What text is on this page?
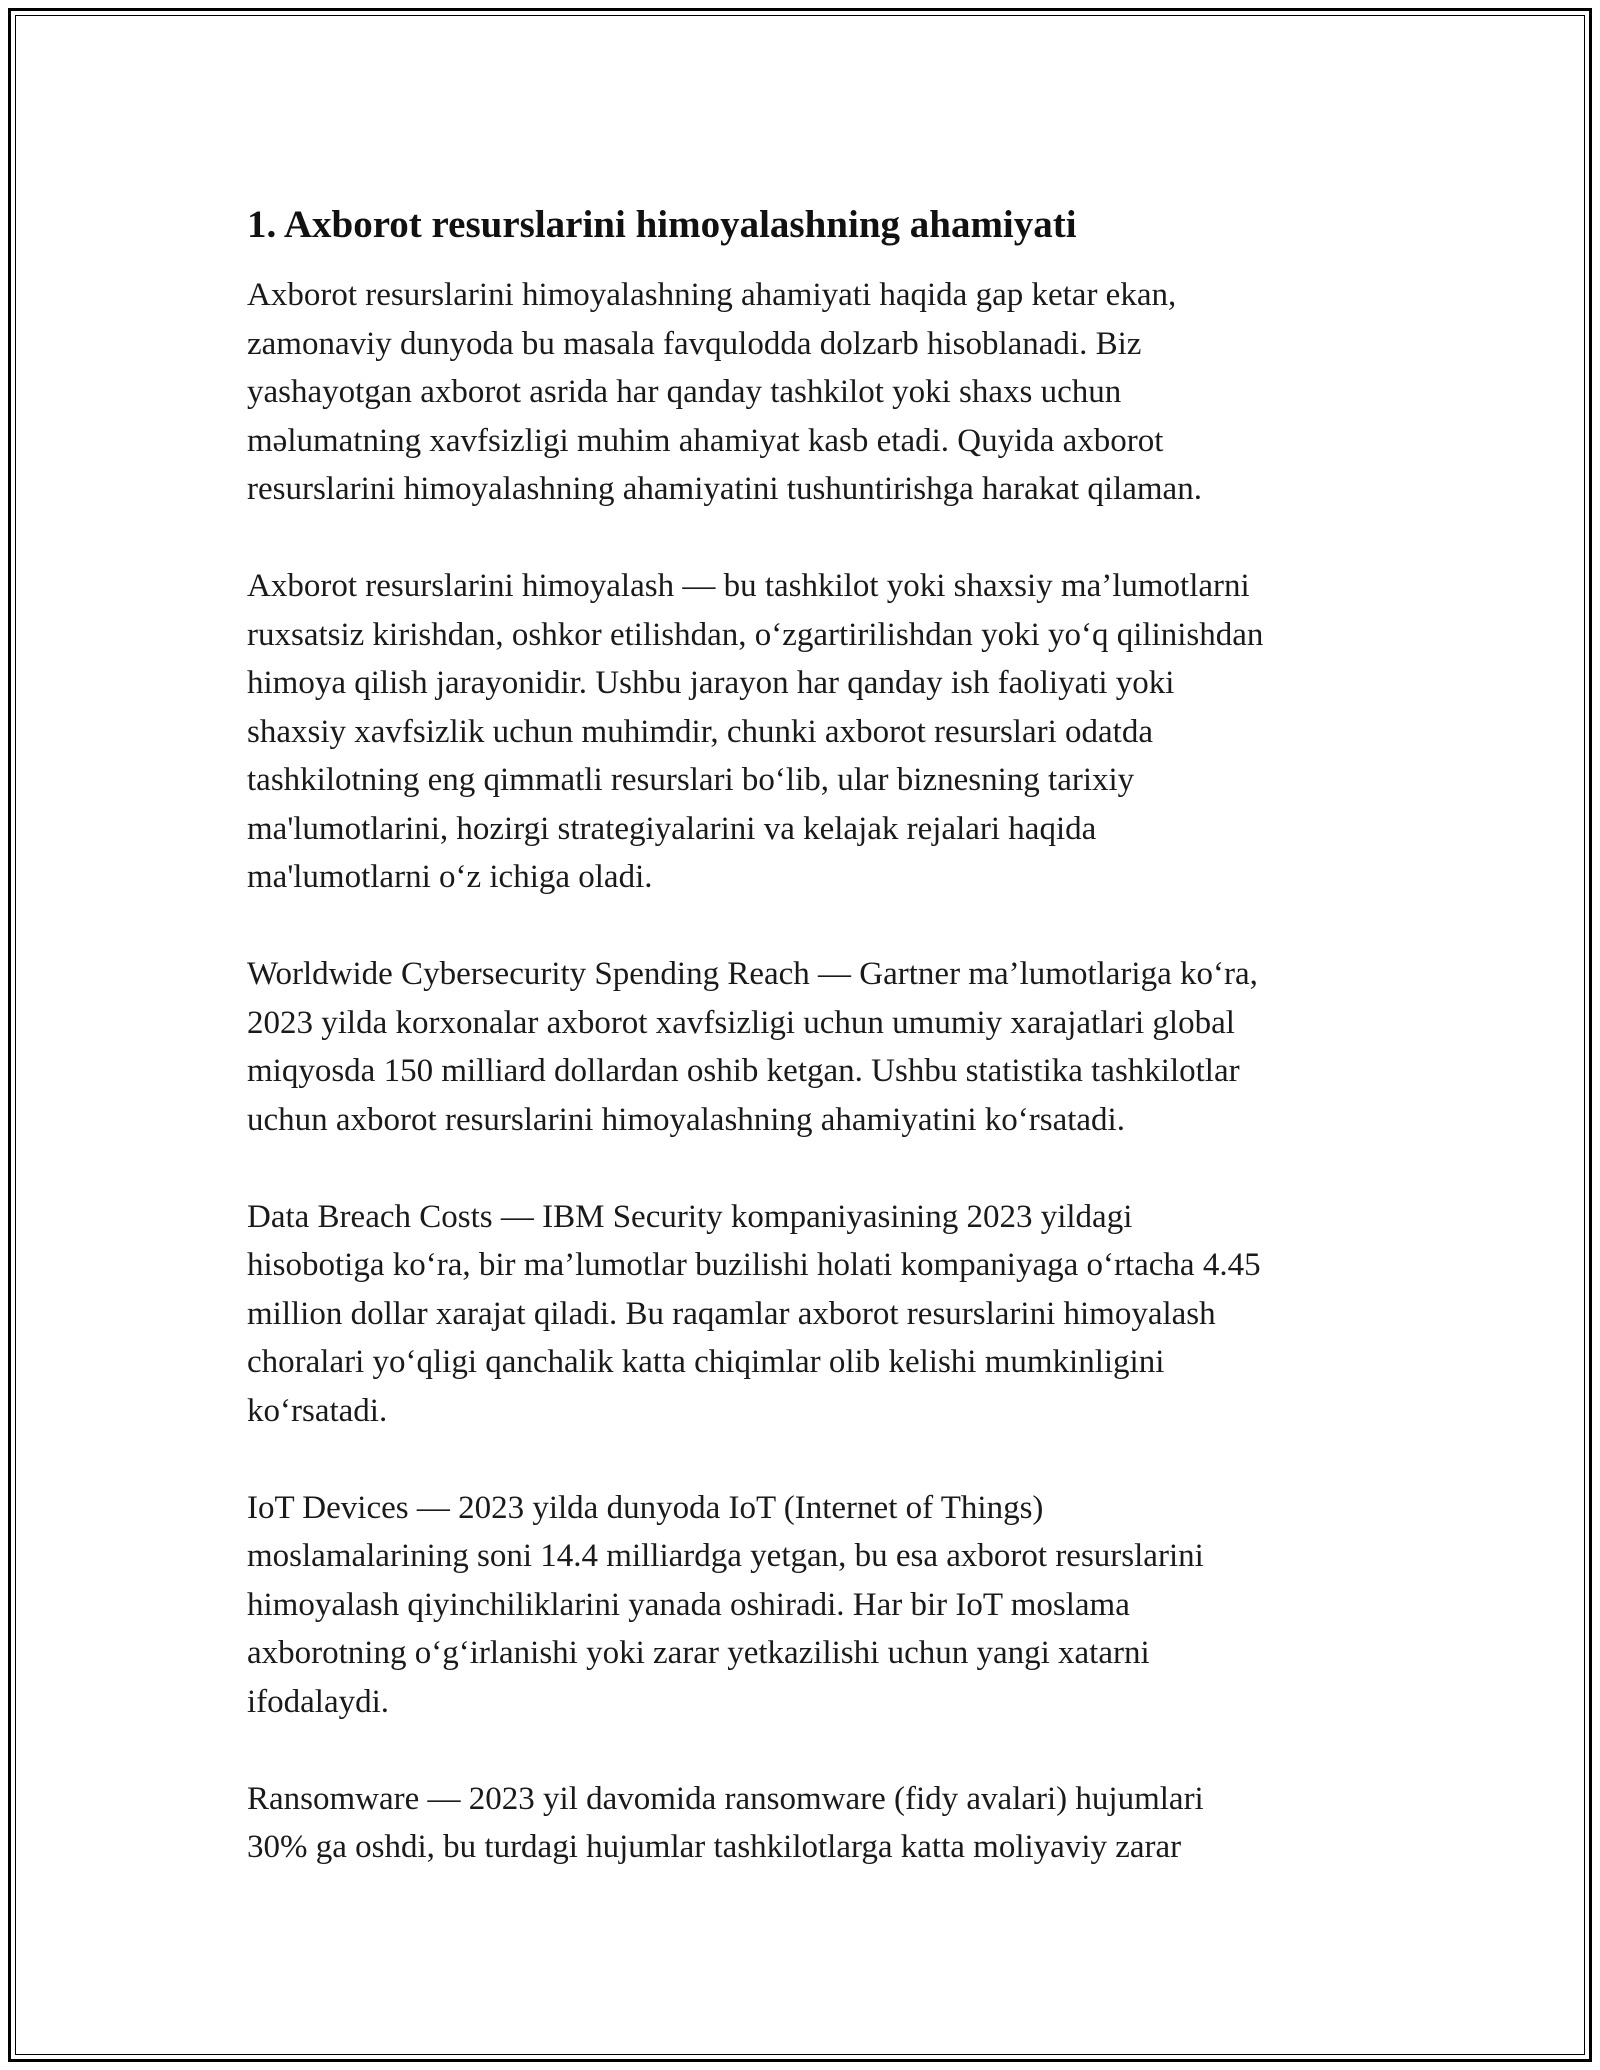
1. Axborot resurslarini himoyalashning ahamiyati

Axborot resurslarini himoyalashning ahamiyati haqida gap ketar ekan,
zamonaviy dunyoda bu masala favqulodda dolzarb hisoblanadi. Biz
yashayotgan axborot asrida har qanday tashkilot yoki shaxs uchun
məlumatning xavfsizligi muhim ahamiyat kasb etadi. Quyida axborot
resurslarini himoyalashning ahamiyatini tushuntirishga harakat qilaman.

Axborot resurslarini himoyalash — bu tashkilot yoki shaxsiy ma’lumotlarni
ruxsatsiz kirishdan, oshkor etilishdan, o‘zgartirilishdan yoki yo‘q qilinishdan
himoya qilish jarayonidir. Ushbu jarayon har qanday ish faoliyati yoki
shaxsiy xavfsizlik uchun muhimdir, chunki axborot resurslari odatda
tashkilotning eng qimmatli resurslari bo‘lib, ular biznesning tarixiy
ma'lumotlarini, hozirgi strategiyalarini va kelajak rejalari haqida
ma'lumotlarni o‘z ichiga oladi.

Worldwide Cybersecurity Spending Reach — Gartner ma’lumotlariga ko‘ra,
2023 yilda korxonalar axborot xavfsizligi uchun umumiy xarajatlari global
miqyosda 150 milliard dollardan oshib ketgan. Ushbu statistika tashkilotlar
uchun axborot resurslarini himoyalashning ahamiyatini ko‘rsatadi.

Data Breach Costs — IBM Security kompaniyasining 2023 yildagi
hisobotiga ko‘ra, bir ma’lumotlar buzilishi holati kompaniyaga o‘rtacha 4.45
million dollar xarajat qiladi. Bu raqamlar axborot resurslarini himoyalash
choralari yo‘qligi qanchalik katta chiqimlar olib kelishi mumkinligini
ko‘rsatadi.

IoT Devices — 2023 yilda dunyoda IoT (Internet of Things)
moslamalarining soni 14.4 milliardga yetgan, bu esa axborot resurslarini
himoyalash qiyinchiliklarini yanada oshiradi. Har bir IoT moslama
axborotning o‘g‘irlanishi yoki zarar yetkazilishi uchun yangi xatarni
ifodalaydi.

Ransomware — 2023 yil davomida ransomware (fidy avalari) hujumlari
30% ga oshdi, bu turdagi hujumlar tashkilotlarga katta moliyaviy zarar
